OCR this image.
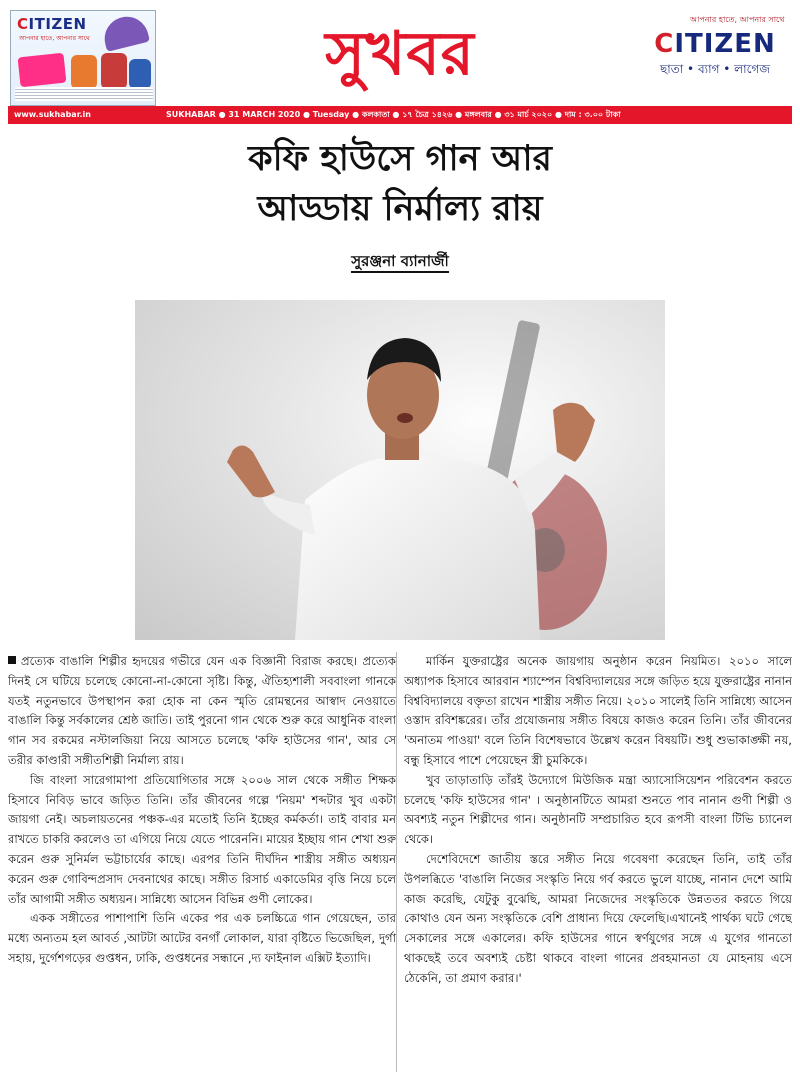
CITIZEN
আপনার হাতে, আপনার সাথে	সুখবর	আপনার হাতে, আপনার সাথে
CITIZEN
ছাতা • ব্যাগ • লাগেজ
www.sukhabar.in	SUKHABAR ● 31 MARCH 2020 ● Tuesday ● কলকাতা ● ১৭ চৈত্র ১৪২৬ ● মঙ্গলবার ● ৩১ মার্চ ২০২০ ● দাম : ৩.০০ টাকা
কফি হাউসে গান আর
আড্ডায় নির্মাল্য রায়
সুরঞ্জনা ব্যানার্জী

প্রত্যেক বাঙালি শিল্পীর হৃদয়ের গভীরে যেন এক বিজ্ঞানী বিরাজ করছে। প্রত্যেক দিনই সে ঘটিয়ে চলেছে কোনো-না-কোনো সৃষ্টি। কিন্তু, ঐতিহ্যশালী সববাংলা গানকে যতই নতুনভাবে উপস্থাপন করা হোক না কেন স্মৃতি রোমন্থনের আস্বাদ নেওয়াতে বাঙালি কিন্তু সর্বকালের শ্রেষ্ঠ জাতি। তাই পুরনো গান থেকে শুরু করে আধুনিক বাংলা গান সব রকমের নস্টালজিয়া নিয়ে আসতে চলেছে 'কফি হাউসের গান', আর সে তরীর কাণ্ডারী সঙ্গীতশিল্পী নির্মাল্য রায়।

জি বাংলা সারেগামাপা প্রতিযোগিতার সঙ্গে ২০০৬ সাল থেকে সঙ্গীত শিক্ষক হিসাবে নিবিড় ভাবে জড়িত তিনি। তাঁর জীবনের গল্পে 'নিয়ম' শব্দটার খুব একটা জায়গা নেই। অচলায়তনের পঞ্চক-এর মতোই তিনি ইচ্ছের কর্মকর্তা। তাই বাবার মন রাখতে চাকরি করলেও তা এগিয়ে নিয়ে যেতে পারেননি। মায়ের ইচ্ছায় গান শেখা শুরু করেন গুরু সুনির্মল ভট্টাচার্যের কাছে। এরপর তিনি দীর্ঘদিন শাস্ত্রীয় সঙ্গীত অধ্যয়ন করেন গুরু গোবিন্দপ্রসাদ দেবনাথের কাছে। সঙ্গীত রিসার্চ একাডেমির বৃত্তি নিয়ে চলে তাঁর আগামী সঙ্গীত অধ্যয়ন। সান্নিধ্যে আসেন বিভিন্ন গুণী লোকের।

একক সঙ্গীতের পাশাপাশি তিনি একের পর এক চলচ্চিত্রে গান গেয়েছেন, তার মধ্যে অন্যতম হল আবর্ত ,আটটা আটের বনগাঁ লোকাল, যারা বৃষ্টিতে ভিজেছিল, দুর্গা সহায়, দুর্গেশগড়ের গুপ্তধন, ঢাকি, গুপ্তধনের সন্ধানে ,দ্য ফাইনাল এক্সিট ইত্যাদি।

মার্কিন যুক্তরাষ্ট্রের অনেক জায়গায় অনুষ্ঠান করেন নিয়মিত। ২০১০ সালে অধ্যাপক হিসাবে আরবান শ্যাম্পেন বিশ্ববিদ্যালয়ের সঙ্গে জড়িত হয়ে যুক্তরাষ্ট্রের নানান বিশ্ববিদ্যালয়ে বক্তৃতা রাখেন শাস্ত্রীয় সঙ্গীত নিয়ে। ২০১০ সালেই তিনি সান্নিধ্যে আসেন ওস্তাদ রবিশঙ্করের। তাঁর প্রযোজনায় সঙ্গীত বিষয়ে কাজও করেন তিনি। তাঁর জীবনের 'অনাতম পাওয়া' বলে তিনি বিশেষভাবে উল্লেখ করেন বিষয়টি। শুধু শুভাকাঙ্ক্ষী নয়, বন্ধু হিসাবে পাশে পেয়েছেন স্ত্রী চুমকিকে।

খুব তাড়াতাড়ি তাঁরই উদ্যোগে মিউজিক মন্ত্রা অ্যাসোসিয়েশন পরিবেশন করতে চলেছে 'কফি হাউসের গান' । অনুষ্ঠানটিতে আমরা শুনতে পাব নানান গুণী শিল্পী ও অবশ্যই নতুন শিল্পীদের গান। অনুষ্ঠানটি সম্প্রচারিত হবে রূপসী বাংলা টিভি চ্যানেল থেকে।

দেশেবিদেশে জাতীয় স্তরে সঙ্গীত নিয়ে গবেষণা করেছেন তিনি, তাই তাঁর উপলব্ধিতে 'বাঙালি নিজের সংস্কৃতি নিয়ে গর্ব করতে ভুলে যাচ্ছে, নানান দেশে আমি কাজ করেছি, যেটুকু বুঝেছি, আমরা নিজেদের সংস্কৃতিকে উন্নততর করতে গিয়ে কোথাও যেন অন্য সংস্কৃতিকে বেশি প্রাধান্য দিয়ে ফেলেছি।এখানেই পার্থক্য ঘটে গেছে সেকালের সঙ্গে একালের। কফি হাউসের গানে স্বর্ণযুগের সঙ্গে এ যুগের গানতো থাকছেই তবে অবশ্যই চেষ্টা থাকবে বাংলা গানের প্রবহমানতা যে মোহনায় এসে ঠেকেনি, তা প্রমাণ করার।'
